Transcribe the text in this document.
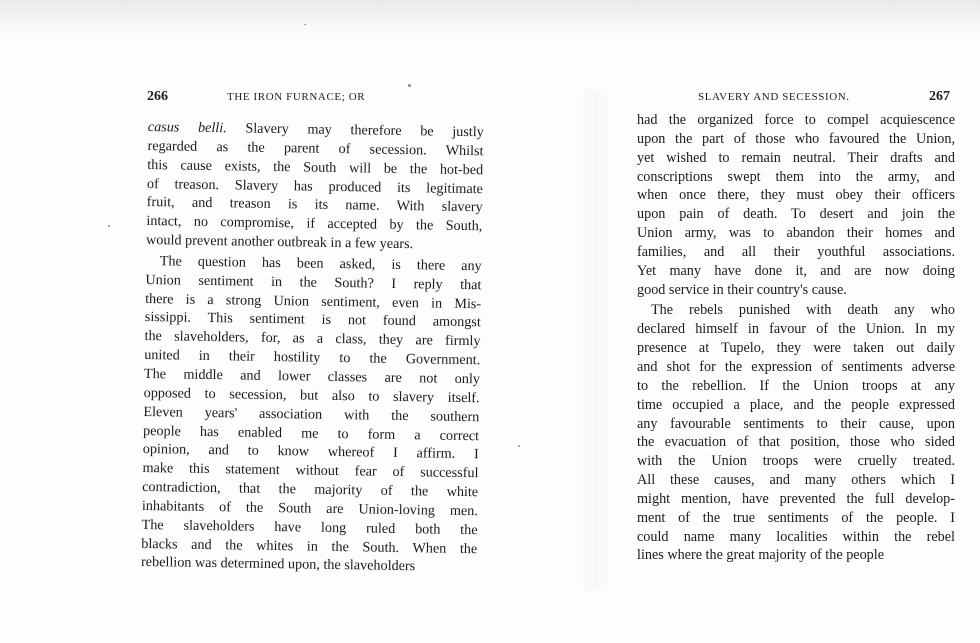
266	THE IRON FURNACE; OR
casus belli. Slavery may therefore be justly
regarded as the parent of secession. Whilst
this cause exists, the South will be the hot-bed
of treason. Slavery has produced its legitimate
fruit, and treason is its name. With slavery
intact, no compromise, if accepted by the South,
would prevent another outbreak in a few years.
The question has been asked, is there any
Union sentiment in the South? I reply that
there is a strong Union sentiment, even in Mis-
sissippi. This sentiment is not found amongst
the slaveholders, for, as a class, they are firmly
united in their hostility to the Government.
The middle and lower classes are not only
opposed to secession, but also to slavery itself.
Eleven years' association with the southern
people has enabled me to form a correct
opinion, and to know whereof I affirm. I
make this statement without fear of successful
contradiction, that the majority of the white
inhabitants of the South are Union-loving men.
The slaveholders have long ruled both the
blacks and the whites in the South. When the
rebellion was determined upon, the slaveholders
SLAVERY AND SECESSION.	267
had the organized force to compel acquiescence
upon the part of those who favoured the Union,
yet wished to remain neutral. Their drafts and
conscriptions swept them into the army, and
when once there, they must obey their officers
upon pain of death. To desert and join the
Union army, was to abandon their homes and
families, and all their youthful associations.
Yet many have done it, and are now doing
good service in their country's cause.
The rebels punished with death any who
declared himself in favour of the Union. In my
presence at Tupelo, they were taken out daily
and shot for the expression of sentiments adverse
to the rebellion. If the Union troops at any
time occupied a place, and the people expressed
any favourable sentiments to their cause, upon
the evacuation of that position, those who sided
with the Union troops were cruelly treated.
All these causes, and many others which I
might mention, have prevented the full develop-
ment of the true sentiments of the people. I
could name many localities within the rebel
lines where the great majority of the people
